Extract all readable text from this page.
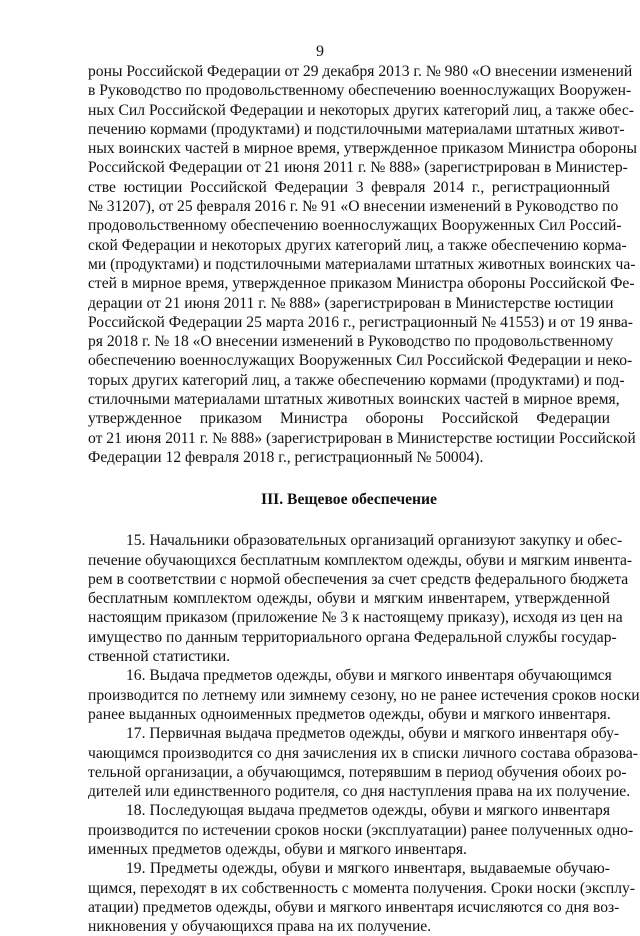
9
роны Российской Федерации от 29 декабря 2013 г. № 980 «О внесении изменений
в Руководство по продовольственному обеспечению военнослужащих Вооружен-
ных Сил Российской Федерации и некоторых других категорий лиц, а также обес-
печению кормами (продуктами) и подстилочными материалами штатных живот-
ных воинских частей в мирное время, утвержденное приказом Министра обороны
Российской Федерации от 21 июня 2011 г. № 888» (зарегистрирован в Министер-
стве юстиции Российской Федерации 3 февраля 2014 г., регистрационный
№ 31207), от 25 февраля 2016 г. № 91 «О внесении изменений в Руководство по
продовольственному обеспечению военнослужащих Вооруженных Сил Россий-
ской Федерации и некоторых других категорий лиц, а также обеспечению корма-
ми (продуктами) и подстилочными материалами штатных животных воинских ча-
стей в мирное время, утвержденное приказом Министра обороны Российской Фе-
дерации от 21 июня 2011 г. № 888» (зарегистрирован в Министерстве юстиции
Российской Федерации 25 марта 2016 г., регистрационный № 41553) и от 19 янва-
ря 2018 г. № 18 «О внесении изменений в Руководство по продовольственному
обеспечению военнослужащих Вооруженных Сил Российской Федерации и неко-
торых других категорий лиц, а также обеспечению кормами (продуктами) и под-
стилочными материалами штатных животных воинских частей в мирное время,
утвержденное приказом Министра обороны Российской Федерации
от 21 июня 2011 г. № 888» (зарегистрирован в Министерстве юстиции Российской
Федерации 12 февраля 2018 г., регистрационный № 50004).
III. Вещевое обеспечение
15. Начальники образовательных организаций организуют закупку и обес-
печение обучающихся бесплатным комплектом одежды, обуви и мягким инвента-
рем в соответствии с нормой обеспечения за счет средств федерального бюджета
бесплатным комплектом одежды, обуви и мягким инвентарем, утвержденной
настоящим приказом (приложение № 3 к настоящему приказу), исходя из цен на
имущество по данным территориального органа Федеральной службы государ-
ственной статистики.
16. Выдача предметов одежды, обуви и мягкого инвентаря обучающимся
производится по летнему или зимнему сезону, но не ранее истечения сроков носки
ранее выданных одноименных предметов одежды, обуви и мягкого инвентаря.
17. Первичная выдача предметов одежды, обуви и мягкого инвентаря обу-
чающимся производится со дня зачисления их в списки личного состава образова-
тельной организации, а обучающимся, потерявшим в период обучения обоих ро-
дителей или единственного родителя, со дня наступления права на их получение.
18. Последующая выдача предметов одежды, обуви и мягкого инвентаря
производится по истечении сроков носки (эксплуатации) ранее полученных одно-
именных предметов одежды, обуви и мягкого инвентаря.
19. Предметы одежды, обуви и мягкого инвентаря, выдаваемые обучаю-
щимся, переходят в их собственность с момента получения. Сроки носки (эксплу-
атации) предметов одежды, обуви и мягкого инвентаря исчисляются со дня воз-
никновения у обучающихся права на их получение.
